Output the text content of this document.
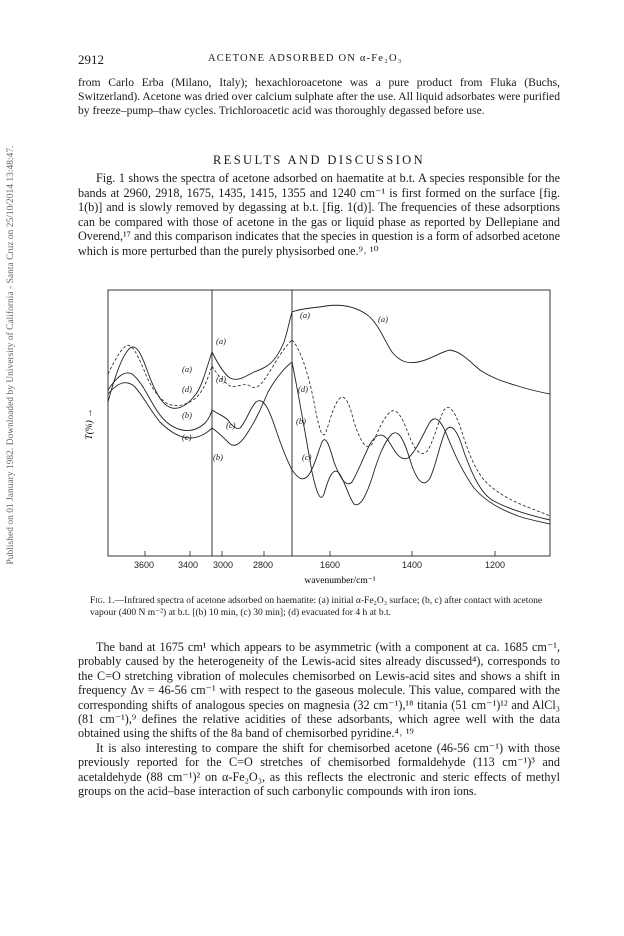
Published on 01 January 1982. Downloaded by University of California - Santa Cruz on 25/10/2014 13:48:47.
2912	ACETONE ADSORBED ON α-Fe₂O₃

from Carlo Erba (Milano, Italy); hexachloroacetone was a pure product from Fluka (Buchs, Switzerland). Acetone was dried over calcium sulphate after the use. All liquid adsorbates were purified by freeze–pump–thaw cycles. Trichloroacetic acid was thoroughly degassed before use.

RESULTS AND DISCUSSION

Fig. 1 shows the spectra of acetone adsorbed on haematite at b.t. A species responsible for the bands at 2960, 2918, 1675, 1435, 1415, 1355 and 1240 cm⁻¹ is first formed on the surface [fig. 1(b)] and is slowly removed by degassing at b.t. [fig. 1(d)]. The frequencies of these adsorptions can be compared with those of acetone in the gas or liquid phase as reported by Dellepiane and Overend,¹⁷ and this comparison indicates that the species in question is a form of adsorbed acetone which is more perturbed than the purely physisorbed one.⁹˒ ¹⁰

3600	3400 3000 2800	1600	1400	1200
wavenumber/cm⁻¹
T(%) →
(a)
(a)
(d)
(b)
(c)
(a)
(d)
(c)
(b)
(a)
(d)
(b)
(c)
Fig. 1.—Infrared spectra of acetone adsorbed on haematite: (a) initial α-Fe₂O₃ surface; (b, c) after contact with acetone vapour (400 N m⁻²) at b.t. [(b) 10 min, (c) 30 min]; (d) evacuated for 4 h at b.t.

The band at 1675 cm¹ which appears to be asymmetric (with a component at ca. 1685 cm⁻¹, probably caused by the heterogeneity of the Lewis-acid sites already discussed⁴), corresponds to the C=O stretching vibration of molecules chemisorbed on Lewis-acid sites and shows a shift in frequency Δν = 46-56 cm⁻¹ with respect to the gaseous molecule. This value, compared with the corresponding shifts of analogous species on magnesia (32 cm⁻¹),¹⁸ titania (51 cm⁻¹)¹² and AlCl₃ (81 cm⁻¹),⁹ defines the relative acidities of these adsorbants, which agree well with the data obtained using the shifts of the 8a band of chemisorbed pyridine.⁴˒ ¹⁹

It is also interesting to compare the shift for chemisorbed acetone (46-56 cm⁻¹) with those previously reported for the C=O stretches of chemisorbed formaldehyde (113 cm⁻¹)³ and acetaldehyde (88 cm⁻¹)² on α-Fe₂O₃, as this reflects the electronic and steric effects of methyl groups on the acid–base interaction of such carbonylic compounds with iron ions.
